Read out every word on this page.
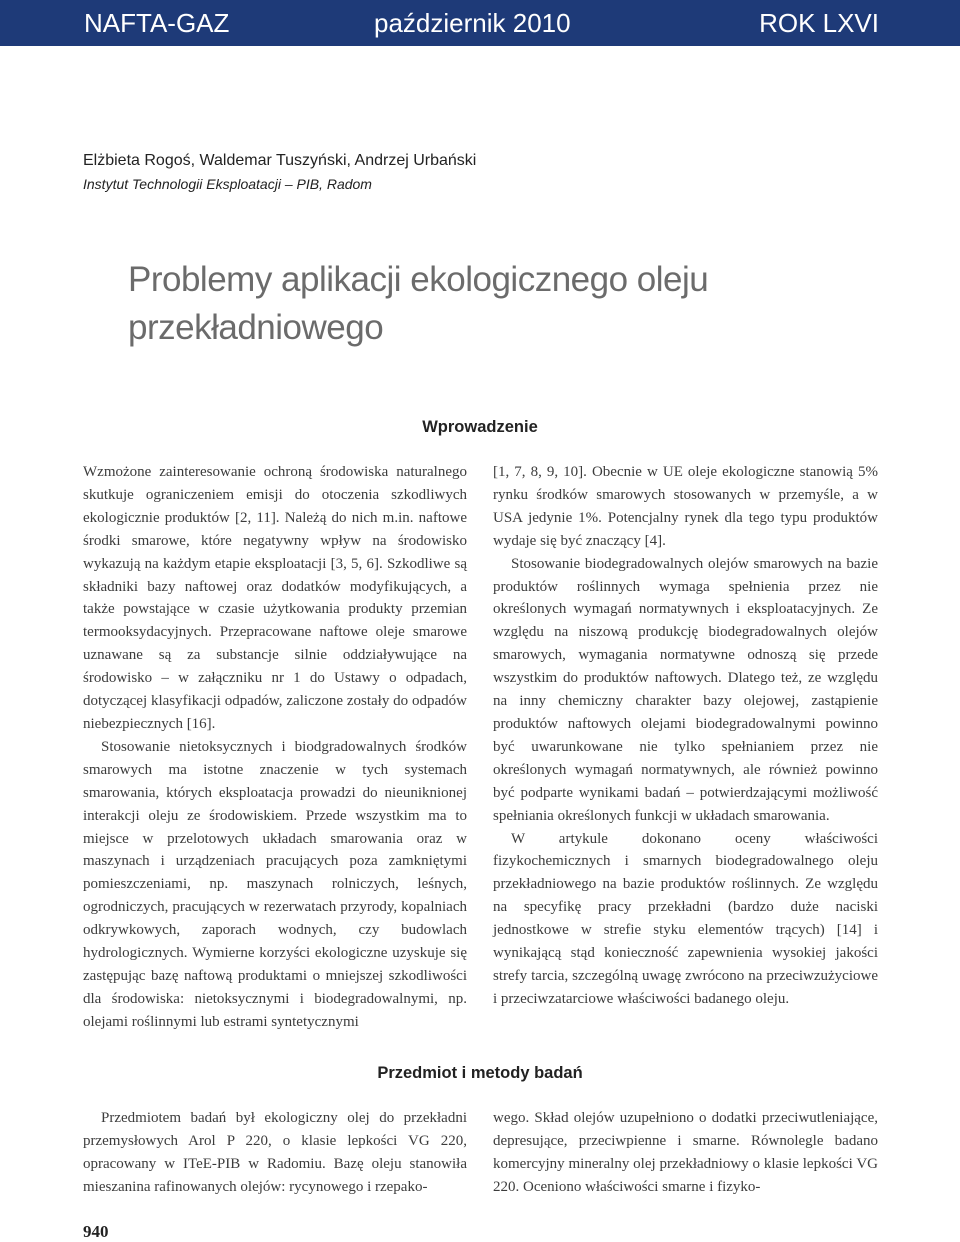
NAFTA-GAZ	październik 2010	ROK LXVI
Elżbieta Rogoś, Waldemar Tuszyński, Andrzej Urbański
Instytut Technologii Eksploatacji – PIB, Radom
Problemy aplikacji ekologicznego oleju przekładniowego
Wprowadzenie

Wzmożone zainteresowanie ochroną środowiska naturalnego skutkuje ograniczeniem emisji do otoczenia szkodliwych ekologicznie produktów [2, 11]. Należą do nich m.in. naftowe środki smarowe, które negatywny wpływ na środowisko wykazują na każdym etapie eksploatacji [3, 5, 6]. Szkodliwe są składniki bazy naftowej oraz dodatków modyfikujących, a także powstające w czasie użytkowania produkty przemian termooksydacyjnych. Przepracowane naftowe oleje smarowe uznawane są za substancje silnie oddziaływujące na środowisko – w załączniku nr 1 do Ustawy o odpadach, dotyczącej klasyfikacji odpadów, zaliczone zostały do odpadów niebezpiecznych [16].

Stosowanie nietoksycznych i biodgradowalnych środków smarowych ma istotne znaczenie w tych systemach smarowania, których eksploatacja prowadzi do nieuniknionej interakcji oleju ze środowiskiem. Przede wszystkim ma to miejsce w przelotowych układach smarowania oraz w maszynach i urządzeniach pracujących poza zamkniętymi pomieszczeniami, np. maszynach rolniczych, leśnych, ogrodniczych, pracujących w rezerwatach przyrody, kopalniach odkrywkowych, zaporach wodnych, czy budowlach hydrologicznych. Wymierne korzyści ekologiczne uzyskuje się zastępując bazę naftową produktami o mniejszej szkodliwości dla środowiska: nietoksycznymi i biodegradowalnymi, np. olejami roślinnymi lub estrami syntetycznymi

[1, 7, 8, 9, 10]. Obecnie w UE oleje ekologiczne stanowią 5% rynku środków smarowych stosowanych w przemyśle, a w USA jedynie 1%. Potencjalny rynek dla tego typu produktów wydaje się być znaczący [4].

Stosowanie biodegradowalnych olejów smarowych na bazie produktów roślinnych wymaga spełnienia przez nie określonych wymagań normatywnych i eksploatacyjnych. Ze względu na niszową produkcję biodegradowalnych olejów smarowych, wymagania normatywne odnoszą się przede wszystkim do produktów naftowych. Dlatego też, ze względu na inny chemiczny charakter bazy olejowej, zastąpienie produktów naftowych olejami biodegradowalnymi powinno być uwarunkowane nie tylko spełnianiem przez nie określonych wymagań normatywnych, ale również powinno być podparte wynikami badań – potwierdzającymi możliwość spełniania określonych funkcji w układach smarowania.

W artykule dokonano oceny właściwości fizykochemicznych i smarnych biodegradowalnego oleju przekładniowego na bazie produktów roślinnych. Ze względu na specyfikę pracy przekładni (bardzo duże naciski jednostkowe w strefie styku elementów trących) [14] i wynikającą stąd konieczność zapewnienia wysokiej jakości strefy tarcia, szczególną uwagę zwrócono na przeciwzużyciowe i przeciwzatarciowe właściwości badanego oleju.

Przedmiot i metody badań

Przedmiotem badań był ekologiczny olej do przekładni przemysłowych Arol P 220, o klasie lepkości VG 220, opracowany w ITeE-PIB w Radomiu. Bazę oleju stanowiła mieszanina rafinowanych olejów: rycynowego i rzepako-

wego. Skład olejów uzupełniono o dodatki przeciwutleniające, depresujące, przeciwpienne i smarne. Równolegle badano komercyjny mineralny olej przekładniowy o klasie lepkości VG 220. Oceniono właściwości smarne i fizyko-

940
